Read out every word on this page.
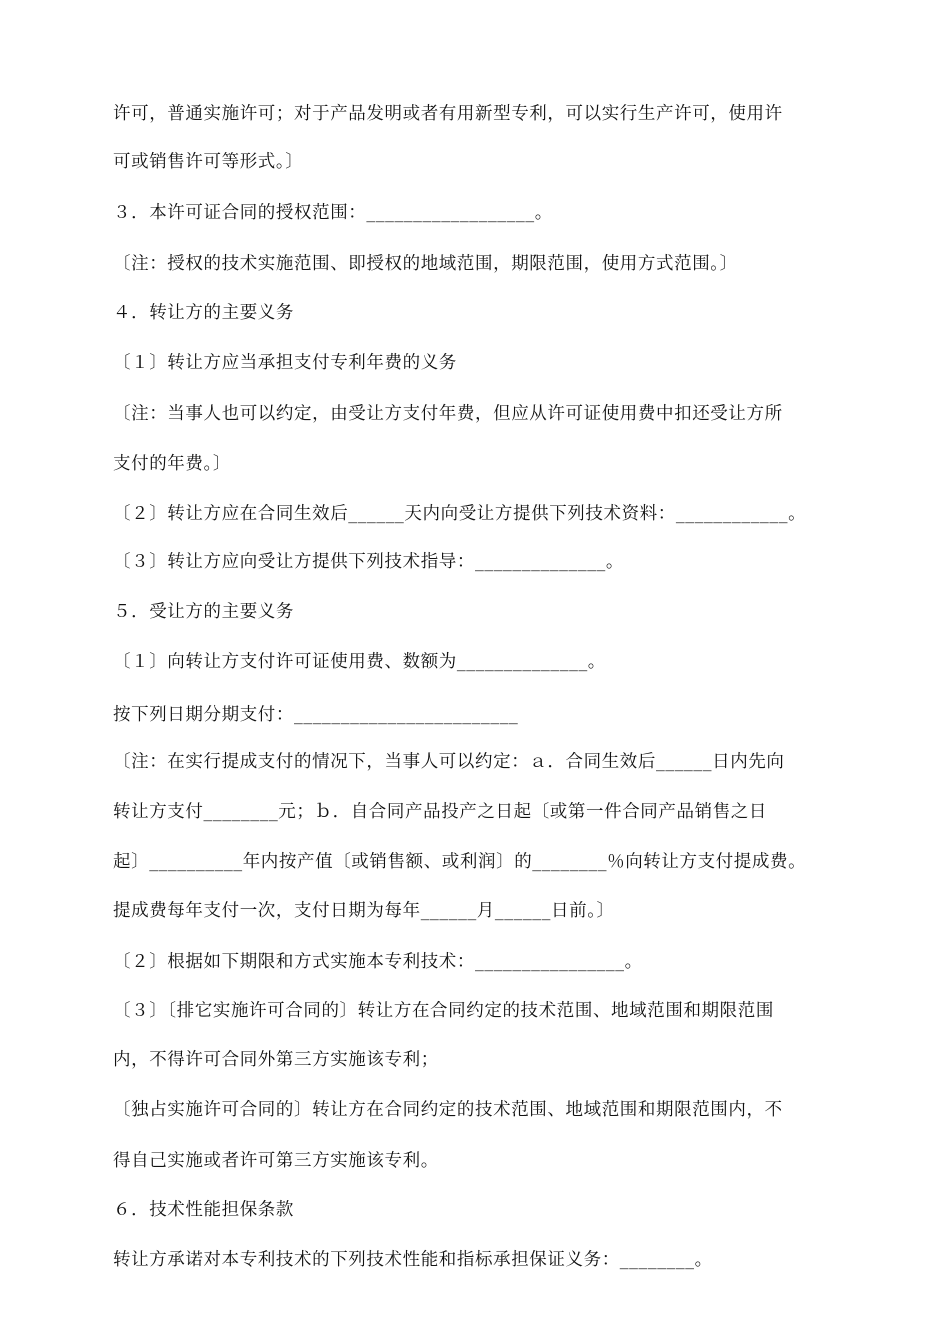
许可，普通实施许可；对于产品发明或者有用新型专利，可以实行生产许可，使用许
可或销售许可等形式。〕
３．本许可证合同的授权范围：__________________。
〔注：授权的技术实施范围、即授权的地域范围，期限范围，使用方式范围。〕
４．转让方的主要义务
〔１〕转让方应当承担支付专利年费的义务
〔注：当事人也可以约定，由受让方支付年费，但应从许可证使用费中扣还受让方所
支付的年费。〕
〔２〕转让方应在合同生效后______天内向受让方提供下列技术资料：____________。
〔３〕转让方应向受让方提供下列技术指导：______________。
５．受让方的主要义务
〔１〕向转让方支付许可证使用费、数额为______________。
按下列日期分期支付：________________________
〔注：在实行提成支付的情况下，当事人可以约定：ａ．合同生效后______日内先向
转让方支付________元；ｂ．自合同产品投产之日起〔或第一件合同产品销售之日
起〕__________年内按产值〔或销售额、或利润〕的________％向转让方支付提成费。
提成费每年支付一次，支付日期为每年______月______日前。〕
〔２〕根据如下期限和方式实施本专利技术：________________。
〔３〕〔排它实施许可合同的〕转让方在合同约定的技术范围、地域范围和期限范围
内，不得许可合同外第三方实施该专利；
〔独占实施许可合同的〕转让方在合同约定的技术范围、地域范围和期限范围内，不
得自己实施或者许可第三方实施该专利。
６．技术性能担保条款
转让方承诺对本专利技术的下列技术性能和指标承担保证义务：________。
